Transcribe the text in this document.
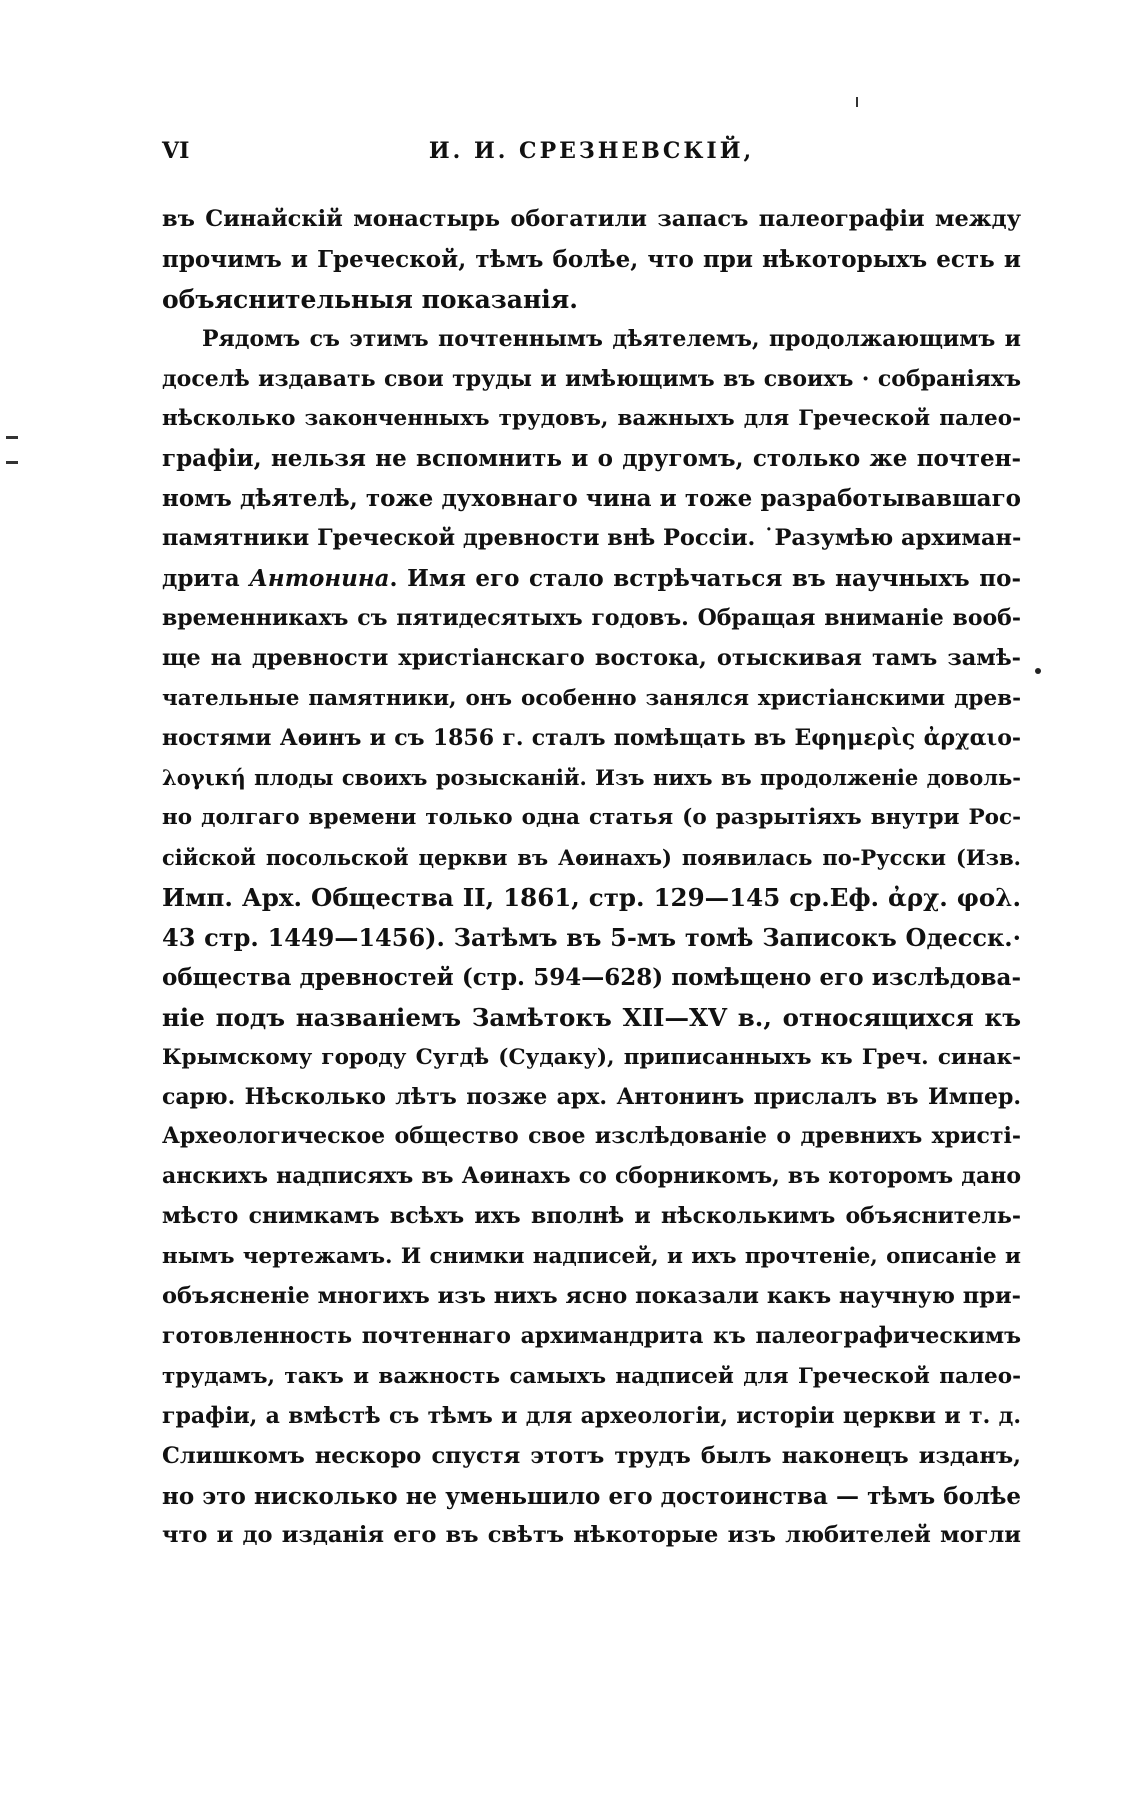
VI	И. И. СРЕЗНЕВСКІЙ,
въ Синайскій монастырь обогатили запасъ палеографіи между
прочимъ и Греческой, тѣмъ болѣе, что при нѣкоторыхъ есть и
объяснительныя показанія.
Рядомъ съ этимъ почтеннымъ дѣятелемъ, продолжающимъ и
доселѣ издавать свои труды и имѣющимъ въ своихъ · собраніяхъ
нѣсколько законченныхъ трудовъ, важныхъ для Греческой палео-
графіи, нельзя не вспомнить и о другомъ, столько же почтен-
номъ дѣятелѣ, тоже духовнаго чина и тоже разработывавшаго
памятники Греческой древности внѣ Россіи. ˙Разумѣю архиман-
дрита Антонина. Имя его стало встрѣчаться въ научныхъ по-
временникахъ съ пятидесятыхъ годовъ. Обращая вниманіе вооб-
ще на древности христіанскаго востока, отыскивая тамъ замѣ-
чательные памятники, онъ особенно занялся христіанскими древ-
ностями Аѳинъ и съ 1856 г. сталъ помѣщать въ Εφημερὶς ἀρχαιο-
λογική плоды своихъ розысканій. Изъ нихъ въ продолженіе доволь-
но долгаго времени только одна статья (о разрытіяхъ внутри Рос-
сійской посольской церкви въ Аѳинахъ) появилась по-Русски (Изв.
Имп. Арх. Общества II, 1861, стр. 129—145 ср.Еф. ἀρχ. φολ.
43 стр. 1449—1456). Затѣмъ въ 5-мъ томѣ Записокъ Одесск.·
общества древностей (стр. 594—628) помѣщено его изслѣдова-
ніе подъ названіемъ Замѣтокъ XII—XV в., относящихся къ
Крымскому городу Сугдѣ (Судаку), приписанныхъ къ Греч. синак-
сарю. Нѣсколько лѣтъ позже арх. Антонинъ прислалъ въ Импер.
Археологическое общество свое изслѣдованіе о древнихъ христі-
анскихъ надписяхъ въ Аѳинахъ со сборникомъ, въ которомъ дано
мѣсто снимкамъ всѣхъ ихъ вполнѣ и нѣсколькимъ объяснитель-
нымъ чертежамъ. И снимки надписей, и ихъ прочтеніе, описаніе и
объясненіе многихъ изъ нихъ ясно показали какъ научную при-
готовленность почтеннаго архимандрита къ палеографическимъ
трудамъ, такъ и важность самыхъ надписей для Греческой палео-
графіи, а вмѣстѣ съ тѣмъ и для археологіи, исторіи церкви и т. д.
Слишкомъ нескоро спустя этотъ трудъ былъ наконецъ изданъ,
но это нисколько не уменьшило его достоинства — тѣмъ болѣе
что и до изданія его въ свѣтъ нѣкоторые изъ любителей могли
